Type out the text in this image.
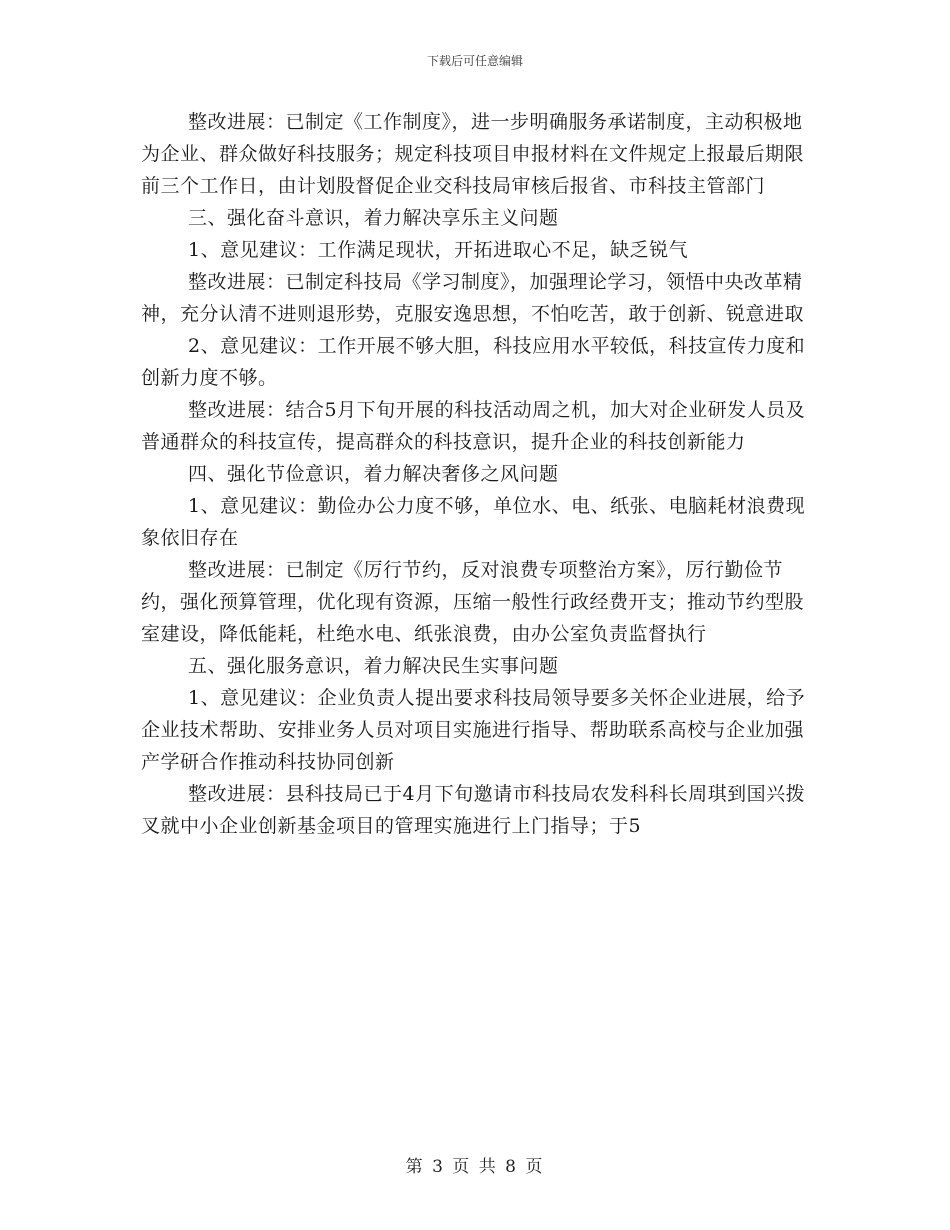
下载后可任意编辑

整改进展：已制定《工作制度》，进一步明确服务承诺制度，主动积极地为企业、群众做好科技服务；规定科技项目申报材料在文件规定上报最后期限前三个工作日，由计划股督促企业交科技局审核后报省、市科技主管部门

三、强化奋斗意识，着力解决享乐主义问题

1、意见建议：工作满足现状，开拓进取心不足，缺乏锐气

整改进展：已制定科技局《学习制度》，加强理论学习，领悟中央改革精神，充分认清不进则退形势，克服安逸思想，不怕吃苦，敢于创新、锐意进取

2、意见建议：工作开展不够大胆，科技应用水平较低，科技宣传力度和创新力度不够。

整改进展：结合5月下旬开展的科技活动周之机，加大对企业研发人员及普通群众的科技宣传，提高群众的科技意识，提升企业的科技创新能力

四、强化节俭意识，着力解决奢侈之风问题

1、意见建议：勤俭办公力度不够，单位水、电、纸张、电脑耗材浪费现象依旧存在

整改进展：已制定《厉行节约，反对浪费专项整治方案》，厉行勤俭节约，强化预算管理，优化现有资源，压缩一般性行政经费开支；推动节约型股室建设，降低能耗，杜绝水电、纸张浪费，由办公室负责监督执行

五、强化服务意识，着力解决民生实事问题

1、意见建议：企业负责人提出要求科技局领导要多关怀企业进展，给予企业技术帮助、安排业务人员对项目实施进行指导、帮助联系高校与企业加强产学研合作推动科技协同创新

整改进展：县科技局已于4月下旬邀请市科技局农发科科长周琪到国兴拨叉就中小企业创新基金项目的管理实施进行上门指导；于5

第 3 页 共 8 页
